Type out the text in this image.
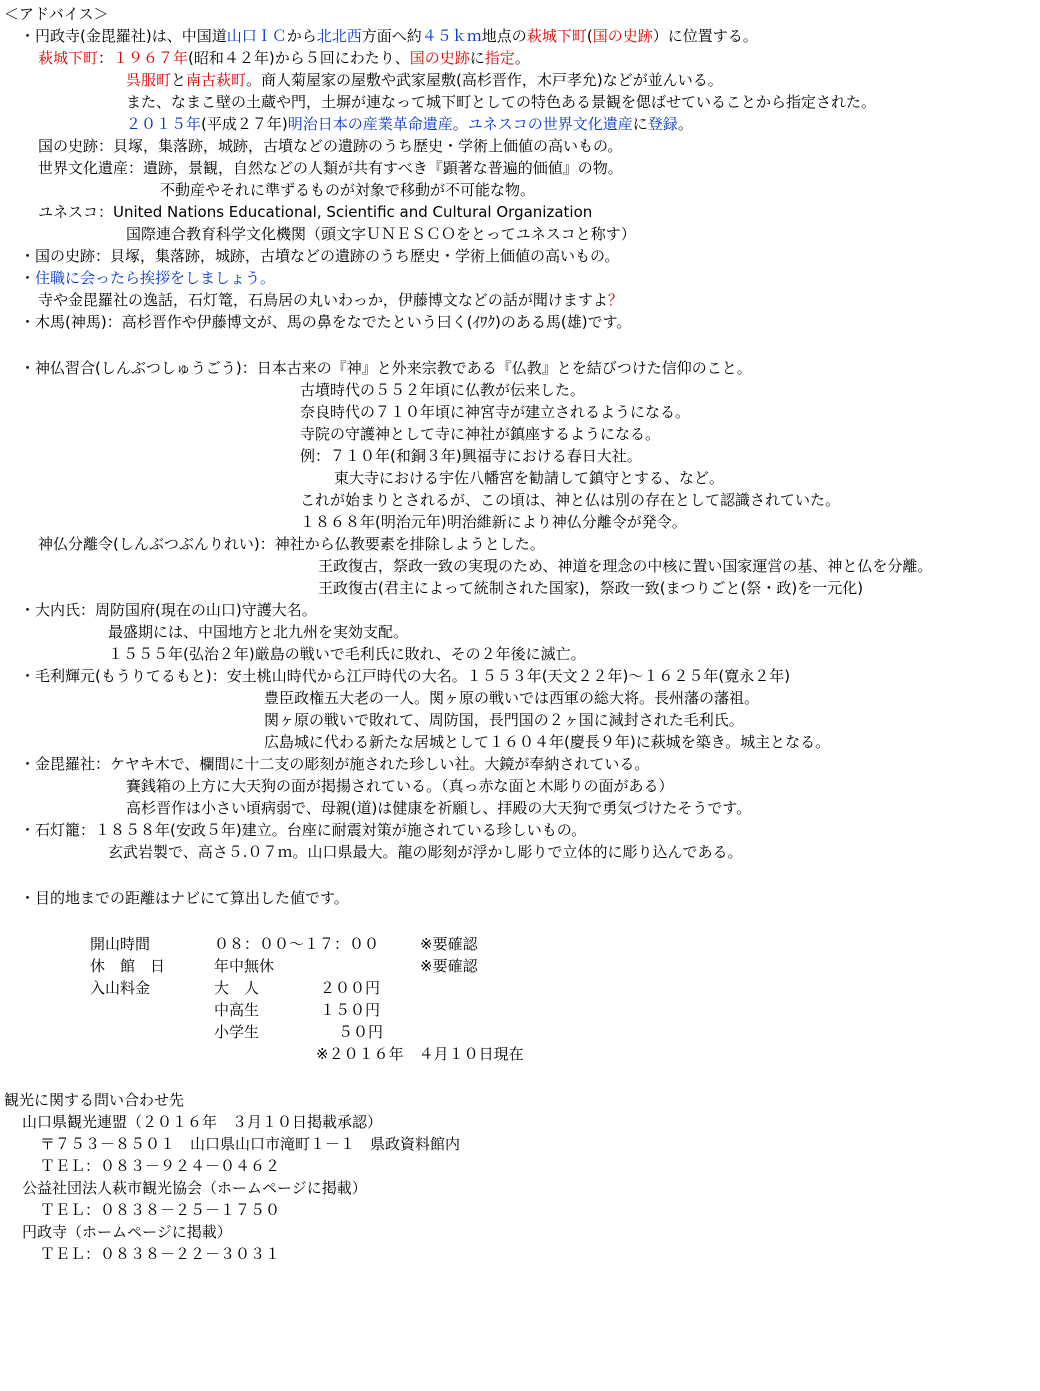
＜アドバイス＞
・円政寺(金毘羅社)は、中国道山口ＩＣから北北西方面へ約４５ｋｍ地点の萩城下町(国の史跡）に位置する。
萩城下町：１９６７年(昭和４２年)から５回にわたり、国の史跡に指定。
呉服町と南古萩町。商人菊屋家の屋敷や武家屋敷(高杉晋作，木戸孝允)などが並んいる。
また、なまこ壁の土蔵や門，土塀が連なって城下町としての特色ある景観を偲ばせていることから指定された。
２０１５年(平成２７年)明治日本の産業革命遺産。ユネスコの世界文化遺産に登録。
国の史跡：貝塚，集落跡，城跡，古墳などの遺跡のうち歴史・学術上価値の高いもの。
世界文化遺産：遺跡，景観，自然などの人類が共有すべき『顕著な普遍的価値』の物。
不動産やそれに準ずるものが対象で移動が不可能な物。
ユネスコ：United Nations Educational, Scientific and Cultural Organization
国際連合教育科学文化機関（頭文字ＵＮＥＳＣＯをとってユネスコと称す）
・国の史跡：貝塚，集落跡，城跡，古墳などの遺跡のうち歴史・学術上価値の高いもの。
・住職に会ったら挨拶をしましょう。
寺や金毘羅社の逸話，石灯篭，石鳥居の丸いわっか，伊藤博文などの話が聞けますよ？
・木馬(神馬)：高杉晋作や伊藤博文が、馬の鼻をなでたという曰く(ｲﾜｸ)のある馬(雄)です。
・神仏習合(しんぶつしゅうごう)：日本古来の『神』と外来宗教である『仏教』とを結びつけた信仰のこと。
古墳時代の５５２年頃に仏教が伝来した。
奈良時代の７１０年頃に神宮寺が建立されるようになる。
寺院の守護神として寺に神社が鎮座するようになる。
例：７１０年(和銅３年)興福寺における春日大社。
東大寺における宇佐八幡宮を勧請して鎮守とする、など。
これが始まりとされるが、この頃は、神と仏は別の存在として認識されていた。
１８６８年(明治元年)明治維新により神仏分離令が発令。
神仏分離令(しんぶつぶんりれい)：神社から仏教要素を排除しようとした。
王政復古，祭政一致の実現のため、神道を理念の中核に置い国家運営の基、神と仏を分離。
王政復古(君主によって統制された国家)，祭政一致(まつりごと(祭・政)を一元化)
・大内氏：周防国府(現在の山口)守護大名。
最盛期には、中国地方と北九州を実効支配。
１５５５年(弘治２年)厳島の戦いで毛利氏に敗れ、その２年後に滅亡。
・毛利輝元(もうりてるもと)：安土桃山時代から江戸時代の大名。１５５３年(天文２２年)～１６２５年(寛永２年)
豊臣政権五大老の一人。関ヶ原の戦いでは西軍の総大将。長州藩の藩祖。
関ヶ原の戦いで敗れて、周防国，長門国の２ヶ国に減封された毛利氏。
広島城に代わる新たな居城として１６０４年(慶長９年)に萩城を築き。城主となる。
・金毘羅社：ケヤキ木で、欄間に十二支の彫刻が施された珍しい社。大鏡が奉納されている。
賽銭箱の上方に大天狗の面が掲揚されている。（真っ赤な面と木彫りの面がある）
高杉晋作は小さい頃病弱で、母親(道)は健康を祈願し、拝殿の大天狗で勇気づけたそうです。
・石灯籠：１８５８年(安政５年)建立。台座に耐震対策が施されている珍しいもの。
玄武岩製で、高さ５.０７ｍ。山口県最大。龍の彫刻が浮かし彫りで立体的に彫り込んである。
・目的地までの距離はナビにて算出した値です。
開山時間	０８：００～１７：００	※要確認
休　館　日	年中無休	※要確認
入山料金	大　人	２００円
中高生	１５０円
小学生	５０円
※２０１６年　４月１０日現在
観光に関する問い合わせ先
山口県観光連盟（２０１６年　３月１０日掲載承認）
〒７５３－８５０１　山口県山口市滝町１－１　県政資料館内
ＴＥＬ：０８３－９２４－０４６２
公益社団法人萩市観光協会（ホームページに掲載）
ＴＥＬ：０８３８－２５－１７５０
円政寺（ホームページに掲載）
ＴＥＬ：０８３８－２２－３０３１
